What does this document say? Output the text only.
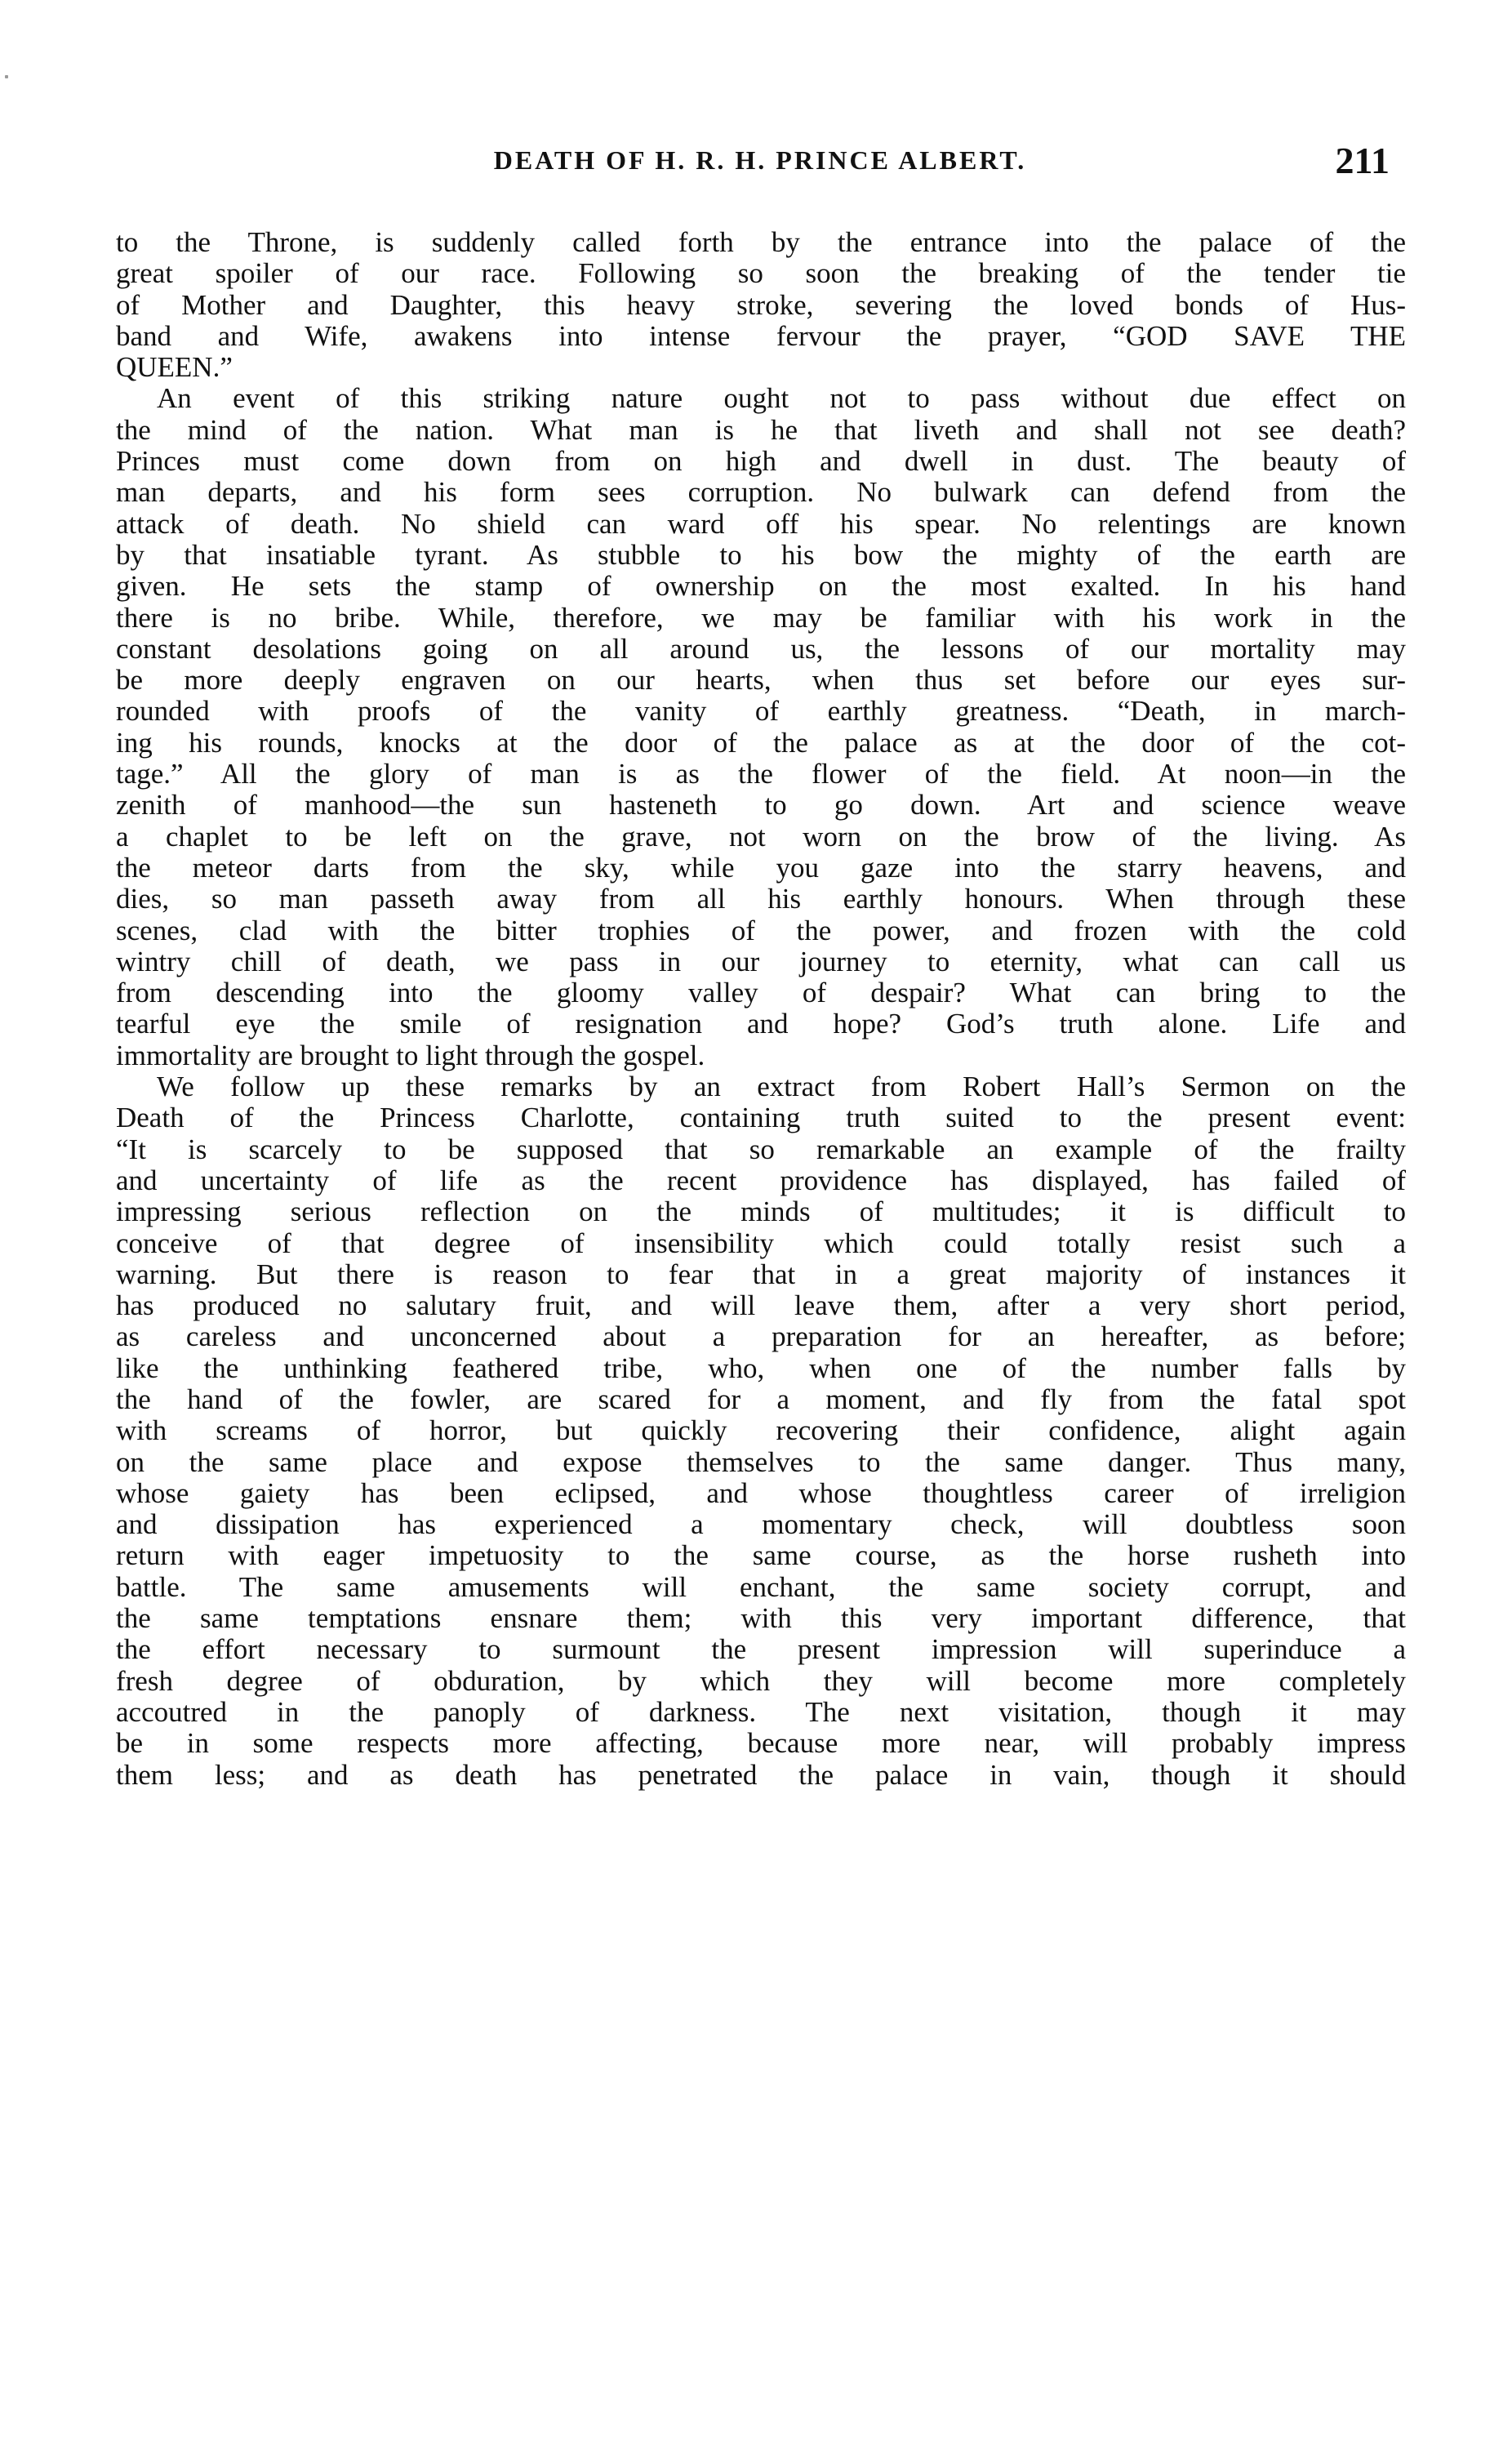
DEATH OF H. R. H. PRINCE ALBERT.	211
to the Throne, is suddenly called forth by the entrance into the palace of the
great spoiler of our race. Following so soon the breaking of the tender tie
of Mother and Daughter, this heavy stroke, severing the loved bonds of Hus-
band and Wife, awakens into intense fervour the prayer, “GOD SAVE THE
QUEEN.”
An event of this striking nature ought not to pass without due effect on
the mind of the nation. What man is he that liveth and shall not see death?
Princes must come down from on high and dwell in dust. The beauty of
man departs, and his form sees corruption. No bulwark can defend from the
attack of death. No shield can ward off his spear. No relentings are known
by that insatiable tyrant. As stubble to his bow the mighty of the earth are
given. He sets the stamp of ownership on the most exalted. In his hand
there is no bribe. While, therefore, we may be familiar with his work in the
constant desolations going on all around us, the lessons of our mortality may
be more deeply engraven on our hearts, when thus set before our eyes sur-
rounded with proofs of the vanity of earthly greatness. “Death, in march-
ing his rounds, knocks at the door of the palace as at the door of the cot-
tage.” All the glory of man is as the flower of the field. At noon—in the
zenith of manhood—the sun hasteneth to go down. Art and science weave
a chaplet to be left on the grave, not worn on the brow of the living. As
the meteor darts from the sky, while you gaze into the starry heavens, and
dies, so man passeth away from all his earthly honours. When through these
scenes, clad with the bitter trophies of the power, and frozen with the cold
wintry chill of death, we pass in our journey to eternity, what can call us
from descending into the gloomy valley of despair? What can bring to the
tearful eye the smile of resignation and hope? God’s truth alone. Life and
immortality are brought to light through the gospel.
We follow up these remarks by an extract from Robert Hall’s Sermon on the
Death of the Princess Charlotte, containing truth suited to the present event:
“It is scarcely to be supposed that so remarkable an example of the frailty
and uncertainty of life as the recent providence has displayed, has failed of
impressing serious reflection on the minds of multitudes; it is difficult to
conceive of that degree of insensibility which could totally resist such a
warning. But there is reason to fear that in a great majority of instances it
has produced no salutary fruit, and will leave them, after a very short period,
as careless and unconcerned about a preparation for an hereafter, as before;
like the unthinking feathered tribe, who, when one of the number falls by
the hand of the fowler, are scared for a moment, and fly from the fatal spot
with screams of horror, but quickly recovering their confidence, alight again
on the same place and expose themselves to the same danger. Thus many,
whose gaiety has been eclipsed, and whose thoughtless career of irreligion
and dissipation has experienced a momentary check, will doubtless soon
return with eager impetuosity to the same course, as the horse rusheth into
battle. The same amusements will enchant, the same society corrupt, and
the same temptations ensnare them; with this very important difference, that
the effort necessary to surmount the present impression will superinduce a
fresh degree of obduration, by which they will become more completely
accoutred in the panoply of darkness. The next visitation, though it may
be in some respects more affecting, because more near, will probably impress
them less; and as death has penetrated the palace in vain, though it should
